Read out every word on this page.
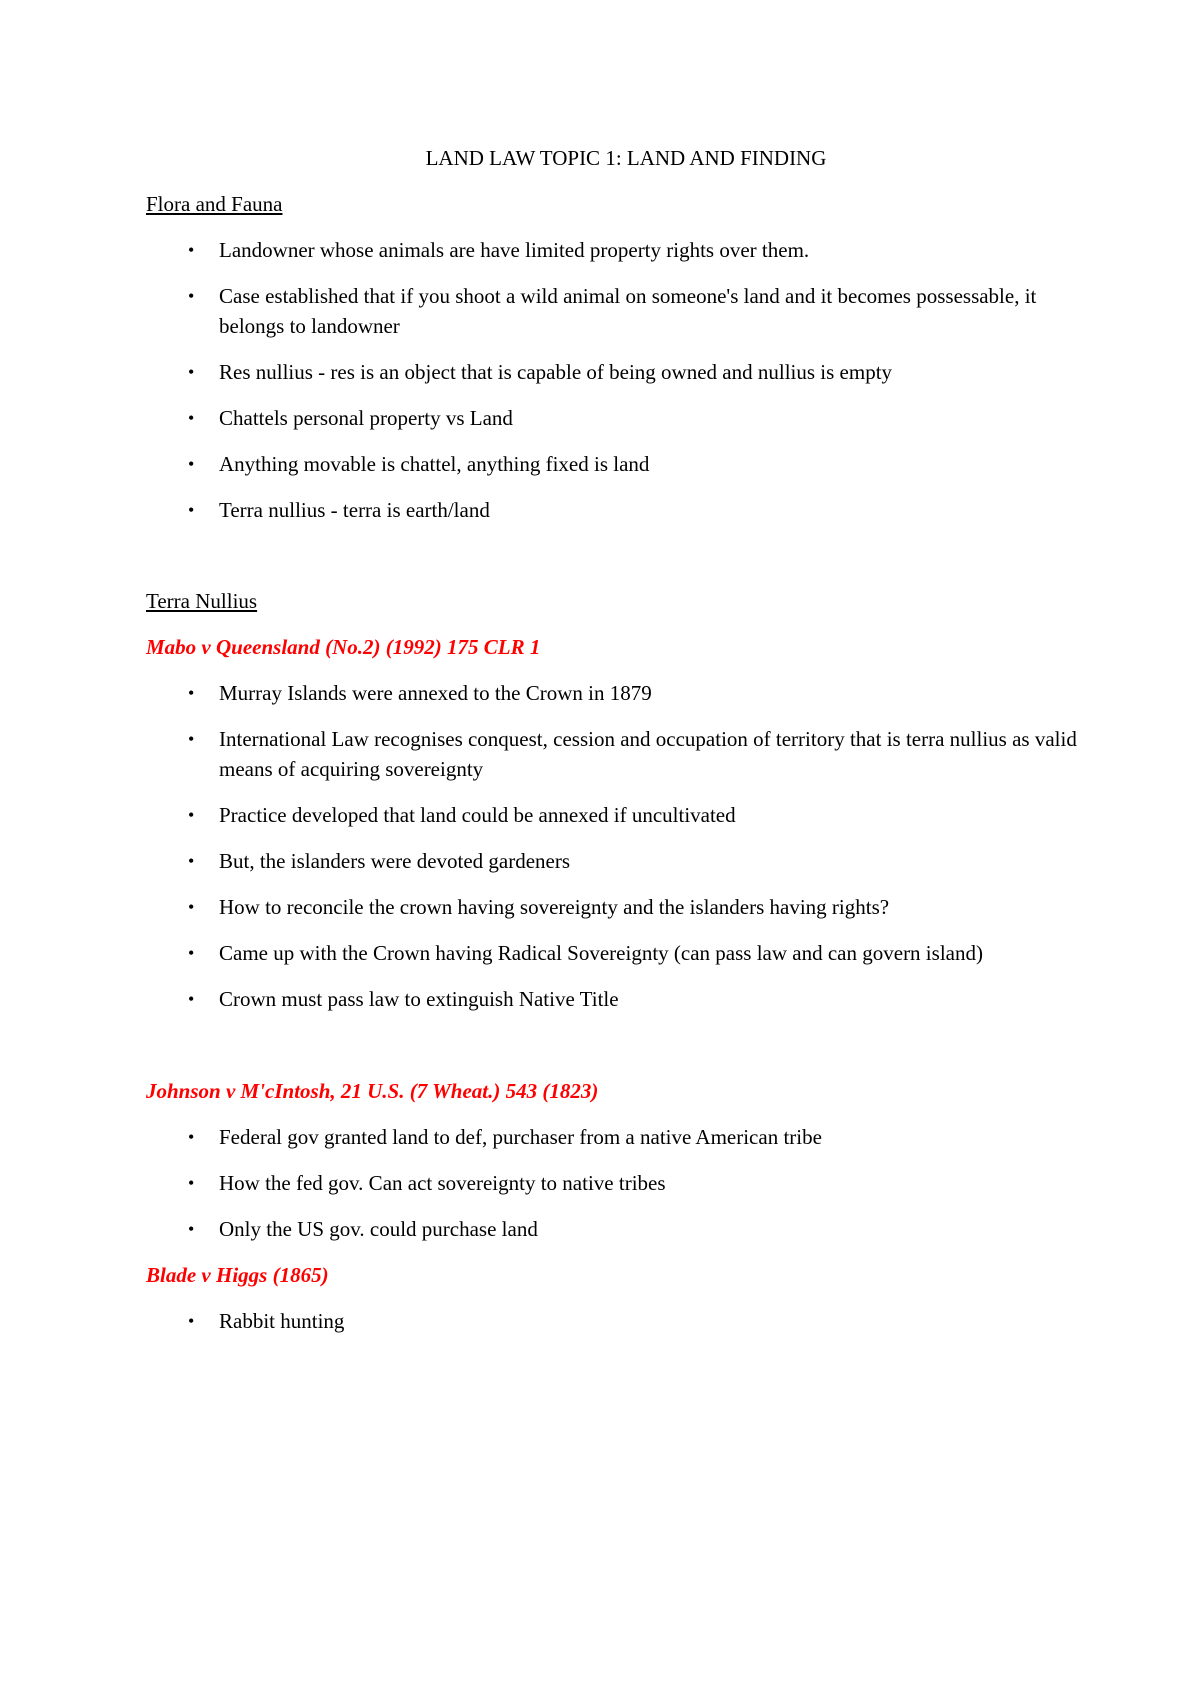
LAND LAW TOPIC 1: LAND AND FINDING
Flora and Fauna
• Landowner whose animals are have limited property rights over them.
• Case established that if you shoot a wild animal on someone's land and it becomes possessable, it belongs to landowner
• Res nullius - res is an object that is capable of being owned and nullius is empty
• Chattels personal property vs Land
• Anything movable is chattel, anything fixed is land
• Terra nullius - terra is earth/land
Terra Nullius
Mabo v Queensland (No.2) (1992) 175 CLR 1
• Murray Islands were annexed to the Crown in 1879
• International Law recognises conquest, cession and occupation of territory that is terra nullius as valid means of acquiring sovereignty
• Practice developed that land could be annexed if uncultivated
• But, the islanders were devoted gardeners
• How to reconcile the crown having sovereignty and the islanders having rights?
• Came up with the Crown having Radical Sovereignty (can pass law and can govern island)
• Crown must pass law to extinguish Native Title
Johnson v M'cIntosh, 21 U.S. (7 Wheat.) 543 (1823)
• Federal gov granted land to def, purchaser from a native American tribe
• How the fed gov. Can act sovereignty to native tribes
• Only the US gov. could purchase land
Blade v Higgs (1865)
• Rabbit hunting
